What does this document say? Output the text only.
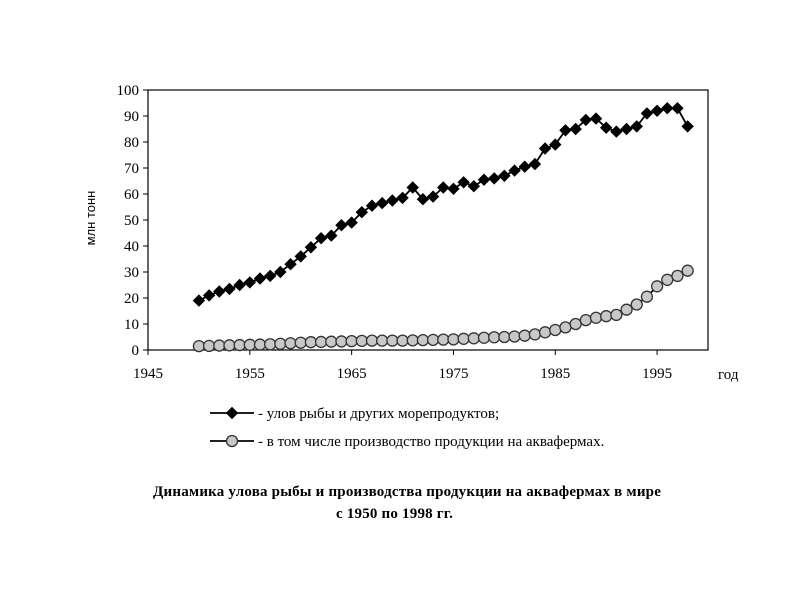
0
10
20
30
40
50
60
70
80
90
100
1945	1955	1965	1975	1985	1995	год
млн тонн
- улов рыбы и других морепродуктов;
- в том числе производство продукции на аквафермах.
Динамика улова рыбы и производства продукции на аквафермах в мире
с 1950 по 1998 гг.
